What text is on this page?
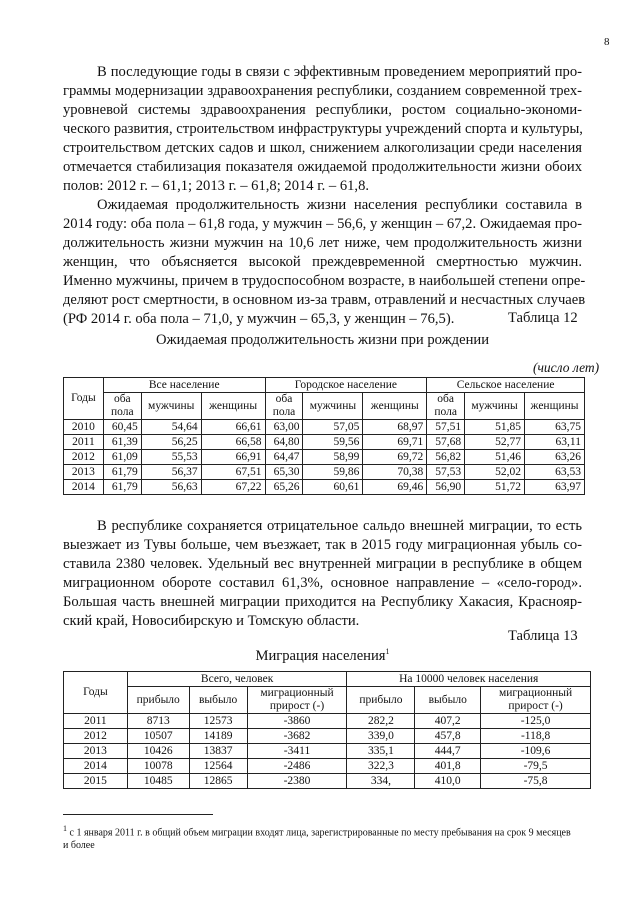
8
В последующие годы в связи с эффективным проведением мероприятий про-
граммы модернизации здравоохранения республики, созданием современной трех-
уровневой системы здравоохранения республики, ростом социально-экономи-
ческого развития, строительством инфраструктуры учреждений спорта и культуры,
строительством детских садов и школ, снижением алкоголизации среди населения
отмечается стабилизация показателя ожидаемой продолжительности жизни обоих
полов: 2012 г. – 61,1; 2013 г. – 61,8; 2014 г. – 61,8.
Ожидаемая продолжительность жизни населения республики составила в
2014 году: оба пола – 61,8 года, у мужчин – 56,6, у женщин – 67,2. Ожидаемая про-
должительность жизни мужчин на 10,6 лет ниже, чем продолжительность жизни
женщин, что объясняется высокой преждевременной смертностью мужчин.
Именно мужчины, причем в трудоспособном возрасте, в наибольшей степени опре-
деляют рост смертности, в основном из-за травм, отравлений и несчастных случаев
(РФ 2014 г. оба пола – 71,0, у мужчин – 65,3, у женщин – 76,5).	Таблица 12
Ожидаемая продолжительность жизни при рождении
(число лет)
Годы	Все население			Городское население			Сельское население		
	оба
пола	мужчины	женщины	оба
пола	мужчины	женщины	оба
пола	мужчины	женщины
2010	60,45	54,64	66,61	63,00	57,05	68,97	57,51	51,85	63,75
2011	61,39	56,25	66,58	64,80	59,56	69,71	57,68	52,77	63,11
2012	61,09	55,53	66,91	64,47	58,99	69,72	56,82	51,46	63,26
2013	61,79	56,37	67,51	65,30	59,86	70,38	57,53	52,02	63,53
2014	61,79	56,63	67,22	65,26	60,61	69,46	56,90	51,72	63,97
В республике сохраняется отрицательное сальдо внешней миграции, то есть
выезжает из Тувы больше, чем въезжает, так в 2015 году миграционная убыль со-
ставила 2380 человек. Удельный вес внутренней миграции в республике в общем
миграционном обороте составил 61,3%, основное направление – «село-город».
Большая часть внешней миграции приходится на Республику Хакасия, Краснояр-
ский край, Новосибирскую и Томскую области.
Таблица 13
Миграция населения$^1$
Годы	Всего, человек			На 10000 человек населения		
	прибыло	выбыло	миграционный
прирост (-)	прибыло	выбыло	миграционный
прирост (-)
2011	8713	12573	-3860	282,2	407,2	-125,0
2012	10507	14189	-3682	339,0	457,8	-118,8
2013	10426	13837	-3411	335,1	444,7	-109,6
2014	10078	12564	-2486	322,3	401,8	-79,5
2015	10485	12865	-2380	334,	410,0	-75,8
$^1$ с 1 января 2011 г. в общий объем миграции входят лица, зарегистрированные по месту пребывания на срок 9 месяцев
и более
